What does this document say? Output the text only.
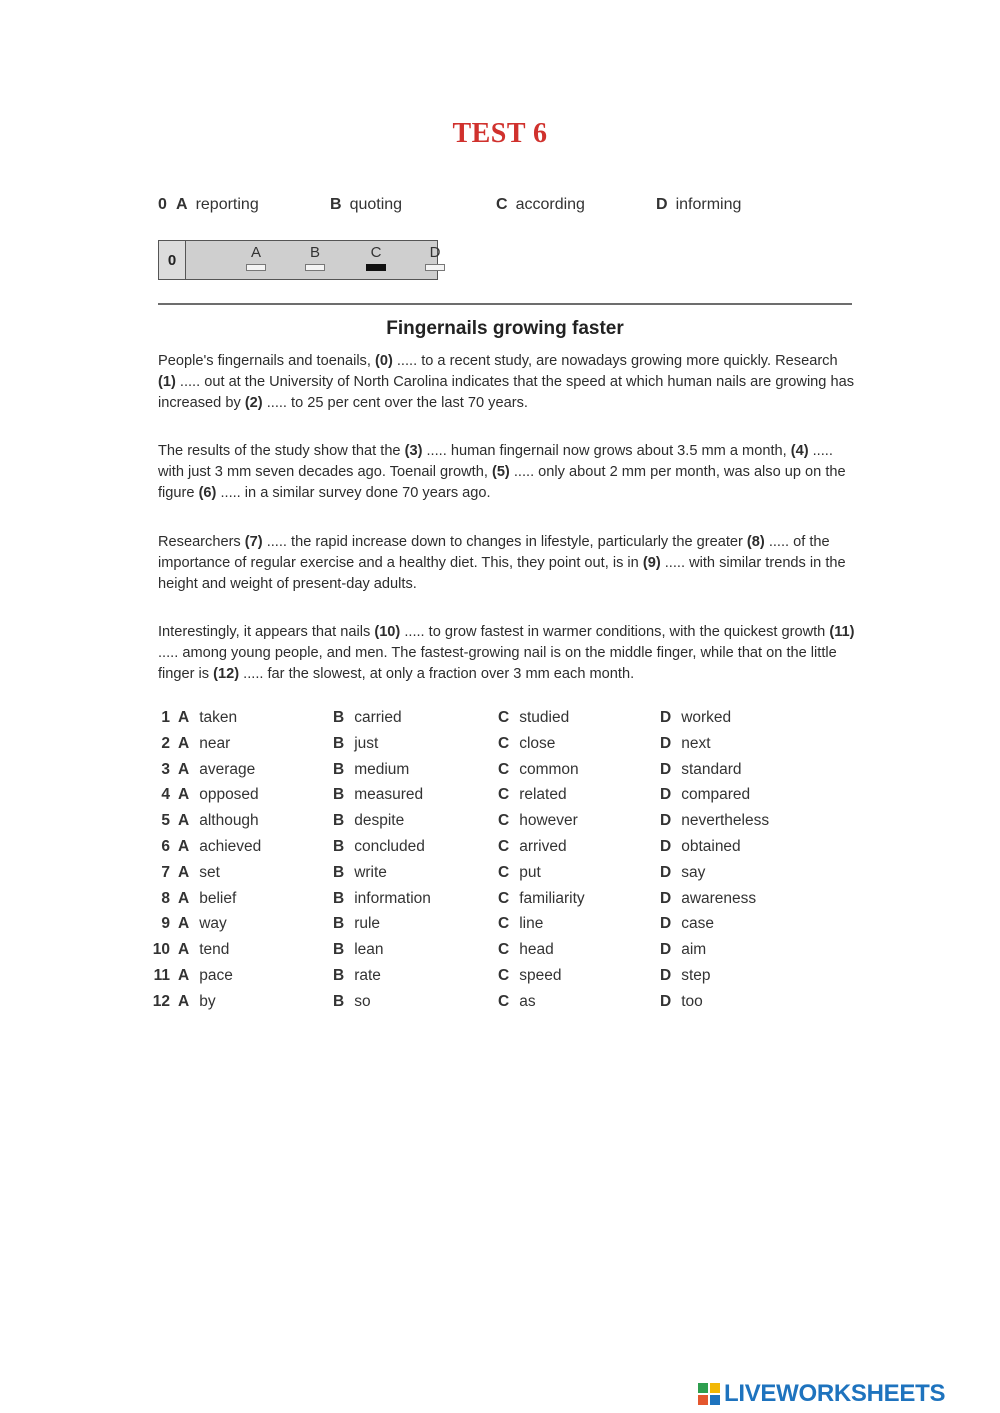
TEST 6
0 A reporting	B quoting	C according	D informing
0	A	B	C	D
Fingernails growing faster

People's fingernails and toenails, (0) ..... to a recent study, are nowadays growing more quickly. Research (1) ..... out at the University of North Carolina indicates that the speed at which human nails are growing has increased by (2) ..... to 25 per cent over the last 70 years.

The results of the study show that the (3) ..... human fingernail now grows about 3.5 mm a month, (4) ..... with just 3 mm seven decades ago. Toenail growth, (5) ..... only about 2 mm per month, was also up on the figure (6) ..... in a similar survey done 70 years ago.

Researchers (7) ..... the rapid increase down to changes in lifestyle, particularly the greater (8) ..... of the importance of regular exercise and a healthy diet. This, they point out, is in (9) ..... with similar trends in the height and weight of present-day adults.

Interestingly, it appears that nails (10) ..... to grow fastest in warmer conditions, with the quickest growth (11) ..... among young people, and men. The fastest-growing nail is on the middle finger, while that on the little finger is (12) ..... far the slowest, at only a fraction over 3 mm each month.

1 A taken	B carried	C studied	D worked
2 A near	B just	C close	D next
3 A average	B medium	C common	D standard
4 A opposed	B measured	C related	D compared
5 A although	B despite	C however	D nevertheless
6 A achieved	B concluded	C arrived	D obtained
7 A set	B write	C put	D say
8 A belief	B information	C familiarity	D awareness
9 A way	B rule	C line	D case
10 A tend	B lean	C head	D aim
11 A pace	B rate	C speed	D step
12 A by	B so	C as	D too
LIVEWORKSHEETS
